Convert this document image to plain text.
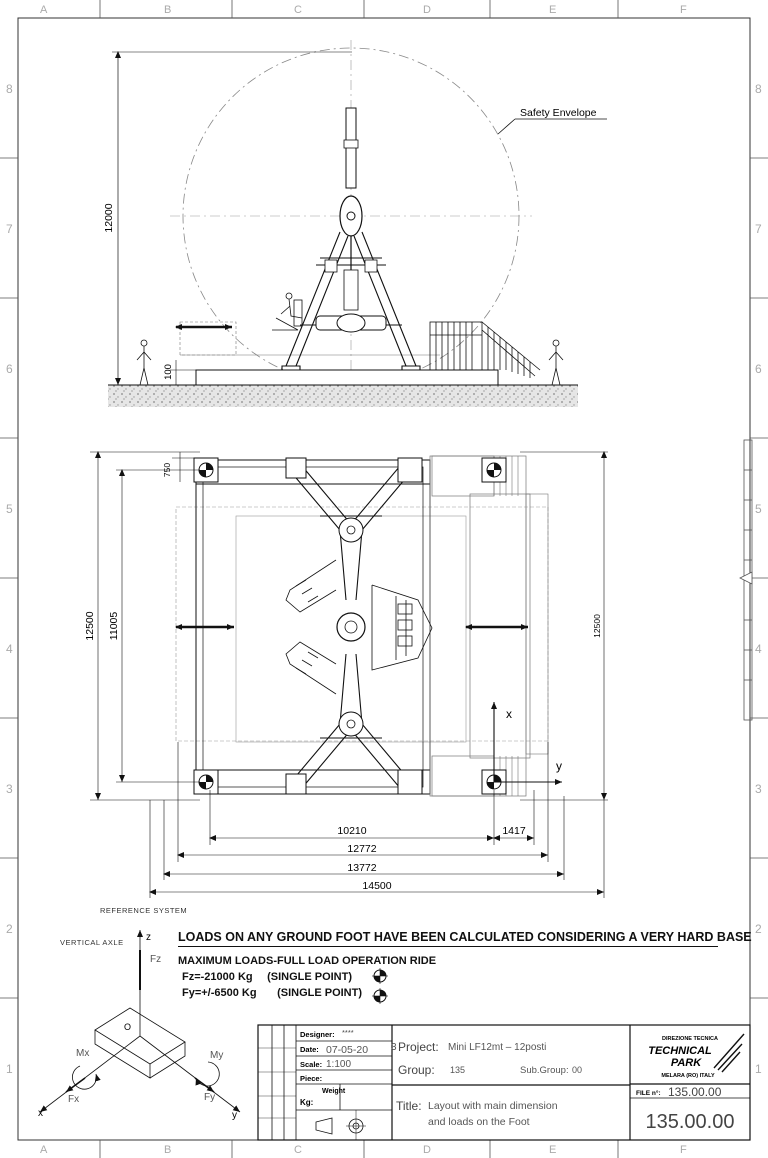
A	B	C	D	E	F
A	B	C	D	E	F
8
7
6
5
4
3
2
1
8
7
6
5
4
3
2
1
Safety Envelope
12000
100
x
y
12500 11005
750
12500
10210	1417
12772
13772
14500
REFERENCE SYSTEM
VERTICAL AXLE z
Fz
O
Mx	My
Fx	Fy
x	y
Designer: ****
Date: 07-05-20 3
Scale: 1:100
Piece:
Weight
Kg:
Project: Mini LF12mt – 12posti
Group: 135	Sub.Group: 00
Title: Layout with main dimension
and loads on the Foot
DIREZIONE TECNICA
TECHNICAL
PARK
MELARA (RO) ITALY
FILE n°: 135.00.00
135.00.00
LOADS ON ANY GROUND FOOT HAVE BEEN CALCULATED CONSIDERING A VERY HARD BASE
MAXIMUM LOADS-FULL LOAD OPERATION RIDE
Fz=-21000 Kg (SINGLE POINT)
Fy=+/-6500 Kg (SINGLE POINT)
